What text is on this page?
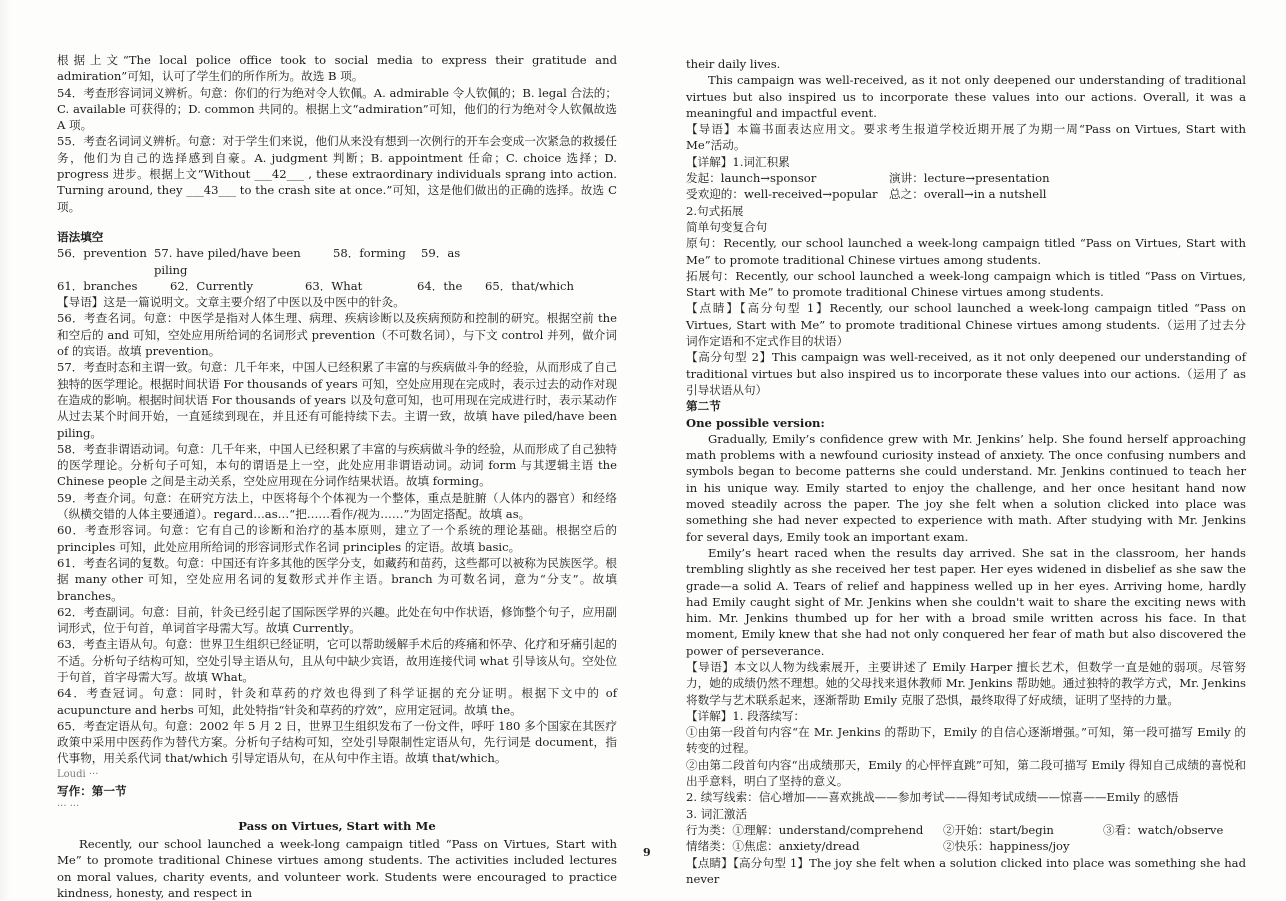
根据上文“The local police office took to social media to express their gratitude and admiration”可知，认可了学生们的所作所为。故选 B 项。

54．考查形容词词义辨析。句意：你们的行为绝对令人钦佩。A. admirable 令人钦佩的；B. legal 合法的；C. available 可获得的；D. common 共同的。根据上文“admiration”可知，他们的行为绝对令人钦佩故选 A 项。

55．考查名词词义辨析。句意：对于学生们来说，他们从来没有想到一次例行的开车会变成一次紧急的救援任务，他们为自己的选择感到自豪。A. judgment 判断；B. appointment 任命；C. choice 选择；D. progress 进步。根据上文“Without ___42___ , these extraordinary individuals sprang into action. Turning around, they ___43___ to the crash site at once.”可知，这是他们做出的正确的选择。故选 C 项。

语法填空

56．prevention 57. have piled/have been piling
58．forming	59．as
61．branches	62．Currently	63．What	64．the	65．that/which

【导语】这是一篇说明文。文章主要介绍了中医以及中医中的针灸。

56．考查名词。句意：中医学是指对人体生理、病理、疾病诊断以及疾病预防和控制的研究。根据空前 the 和空后的 and 可知，空处应用所给词的名词形式 prevention（不可数名词），与下文 control 并列，做介词 of 的宾语。故填 prevention。

57．考查时态和主谓一致。句意：几千年来，中国人已经积累了丰富的与疾病做斗争的经验，从而形成了自己独特的医学理论。根据时间状语 For thousands of years 可知，空处应用现在完成时，表示过去的动作对现在造成的影响。根据时间状语 For thousands of years 以及句意可知，也可用现在完成进行时，表示某动作从过去某个时间开始，一直延续到现在，并且还有可能持续下去。主谓一致，故填 have piled/have been piling。

58．考查非谓语动词。句意：几千年来，中国人已经积累了丰富的与疾病做斗争的经验，从而形成了自己独特的医学理论。分析句子可知，本句的谓语是上一空，此处应用非谓语动词。动词 form 与其逻辑主语 the Chinese people 之间是主动关系，空处应用现在分词作结果状语。故填 forming。

59．考查介词。句意：在研究方法上，中医将每个个体视为一个整体，重点是脏腑（人体内的器官）和经络（纵横交错的人体主要通道）。regard…as…“把……看作/视为……”为固定搭配。故填 as。

60．考查形容词。句意：它有自己的诊断和治疗的基本原则，建立了一个系统的理论基础。根据空后的 principles 可知，此处应用所给词的形容词形式作名词 principles 的定语。故填 basic。

61．考查名词的复数。句意：中国还有许多其他的医学分支，如藏药和苗药，这些都可以被称为民族医学。根据 many other 可知，空处应用名词的复数形式并作主语。branch 为可数名词，意为“分支”。故填 branches。

62．考查副词。句意：目前，针灸已经引起了国际医学界的兴趣。此处在句中作状语，修饰整个句子，应用副词形式，位于句首，单词首字母需大写。故填 Currently。

63．考查主语从句。句意：世界卫生组织已经证明，它可以帮助缓解手术后的疼痛和怀孕、化疗和牙痛引起的不适。分析句子结构可知，空处引导主语从句，且从句中缺少宾语，故用连接代词 what 引导该从句。空处位于句首，首字母需大写。故填 What。

64．考查冠词。句意：同时，针灸和草药的疗效也得到了科学证据的充分证明。根据下文中的 of acupuncture and herbs 可知，此处特指“针灸和草药的疗效”，应用定冠词。故填 the。

65．考查定语从句。句意：2002 年 5 月 2 日，世界卫生组织发布了一份文件，呼吁 180 多个国家在其医疗政策中采用中医药作为替代方案。分析句子结构可知，空处引导限制性定语从句，先行词是 document，指代事物，用关系代词 that/which 引导定语从句，在从句中作主语。故填 that/which。

Loudi ···

写作：第一节

··· ···

Pass on Virtues, Start with Me

Recently, our school launched a week-long campaign titled “Pass on Virtues, Start with Me” to promote traditional Chinese virtues among students. The activities included lectures on moral values, charity events, and volunteer work. Students were encouraged to practice kindness, honesty, and respect in

their daily lives.

This campaign was well-received, as it not only deepened our understanding of traditional virtues but also inspired us to incorporate these values into our actions. Overall, it was a meaningful and impactful event.

【导语】本篇书面表达应用文。要求考生报道学校近期开展了为期一周“Pass on Virtues, Start with Me”活动。

【详解】1.词汇积累

发起：launch→sponsor	演讲：lecture→presentation
受欢迎的：well-received→popular 总之：overall→in a nutshell

2.句式拓展

简单句变复合句

原句：Recently, our school launched a week-long campaign titled “Pass on Virtues, Start with Me” to promote traditional Chinese virtues among students.

拓展句：Recently, our school launched a week-long campaign which is titled “Pass on Virtues, Start with Me” to promote traditional Chinese virtues among students.

【点睛】【高分句型 1】Recently, our school launched a week-long campaign titled “Pass on Virtues, Start with Me” to promote traditional Chinese virtues among students.（运用了过去分词作定语和不定式作目的状语）

【高分句型 2】This campaign was well-received, as it not only deepened our understanding of traditional virtues but also inspired us to incorporate these values into our actions.（运用了 as 引导状语从句）

第二节

One possible version:

Gradually, Emily’s confidence grew with Mr. Jenkins’ help. She found herself approaching math problems with a newfound curiosity instead of anxiety. The once confusing numbers and symbols began to become patterns she could understand. Mr. Jenkins continued to teach her in his unique way. Emily started to enjoy the challenge, and her once hesitant hand now moved steadily across the paper. The joy she felt when a solution clicked into place was something she had never expected to experience with math. After studying with Mr. Jenkins for several days, Emily took an important exam.

Emily’s heart raced when the results day arrived. She sat in the classroom, her hands trembling slightly as she received her test paper. Her eyes widened in disbelief as she saw the grade—a solid A. Tears of relief and happiness welled up in her eyes. Arriving home, hardly had Emily caught sight of Mr. Jenkins when she couldn't wait to share the exciting news with him. Mr. Jenkins thumbed up for her with a broad smile written across his face. In that moment, Emily knew that she had not only conquered her fear of math but also discovered the power of perseverance.

【导语】本文以人物为线索展开，主要讲述了 Emily Harper 擅长艺术，但数学一直是她的弱项。尽管努力，她的成绩仍然不理想。她的父母找来退休教师 Mr. Jenkins 帮助她。通过独特的教学方式，Mr. Jenkins 将数学与艺术联系起来，逐渐帮助 Emily 克服了恐惧，最终取得了好成绩，证明了坚持的力量。

【详解】1. 段落续写：

①由第一段首句内容“在 Mr. Jenkins 的帮助下，Emily 的自信心逐渐增强。”可知，第一段可描写 Emily 的转变的过程。

②由第二段首句内容“出成绩那天，Emily 的心怦怦直跳”可知，第二段可描写 Emily 得知自己成绩的喜悦和出乎意料，明白了坚持的意义。

2. 续写线索：信心增加——喜欢挑战——参加考试——得知考试成绩——惊喜——Emily 的感悟

3. 词汇激活

行为类：①理解：understand/comprehend	②开始：start/begin	③看：watch/observe
情绪类：①焦虑：anxiety/dread	②快乐：happiness/joy

【点睛】【高分句型 1】The joy she felt when a solution clicked into place was something she had never

9
